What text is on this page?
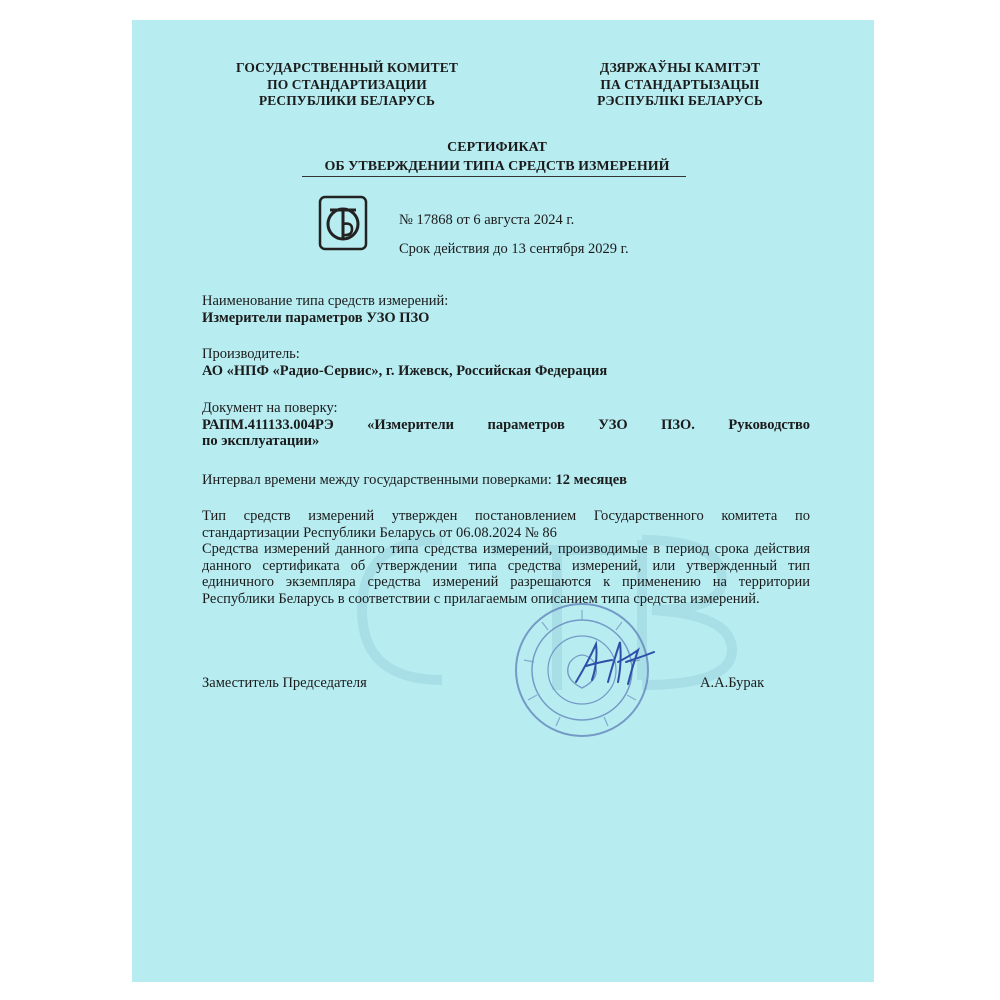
ГОСУДАРСТВЕННЫЙ КОМИТЕТ
ПО СТАНДАРТИЗАЦИИ
РЕСПУБЛИКИ БЕЛАРУСЬ
ДЗЯРЖАЎНЫ КАМІТЭТ
ПА СТАНДАРТЫЗАЦЫІ
РЭСПУБЛІКІ БЕЛАРУСЬ
СЕРТИФИКАТ
ОБ УТВЕРЖДЕНИИ ТИПА СРЕДСТВ ИЗМЕРЕНИЙ
№ 17868 от 6 августа 2024 г.
Срок действия до 13 сентября 2029 г.
Наименование типа средств измерений:
Измерители параметров УЗО ПЗО
Производитель:
АО «НПФ «Радио-Сервис», г. Ижевск, Российская Федерация
Документ на поверку:
РАПМ.411133.004РЭ «Измерители параметров УЗО ПЗО. Руководство
по эксплуатации»
Интервал времени между государственными поверками: 12 месяцев
Тип средств измерений утвержден постановлением Государственного комитета по стандартизации Республики Беларусь от 06.08.2024 № 86
Средства измерений данного типа средства измерений, производимые в период срока действия данного сертификата об утверждении типа средства измерений, или утвержденный тип единичного экземпляра средства измерений разрешаются к применению на территории Республики Беларусь в соответствии с прилагаемым описанием типа средства измерений.
Заместитель Председателя	А.А.Бурак
